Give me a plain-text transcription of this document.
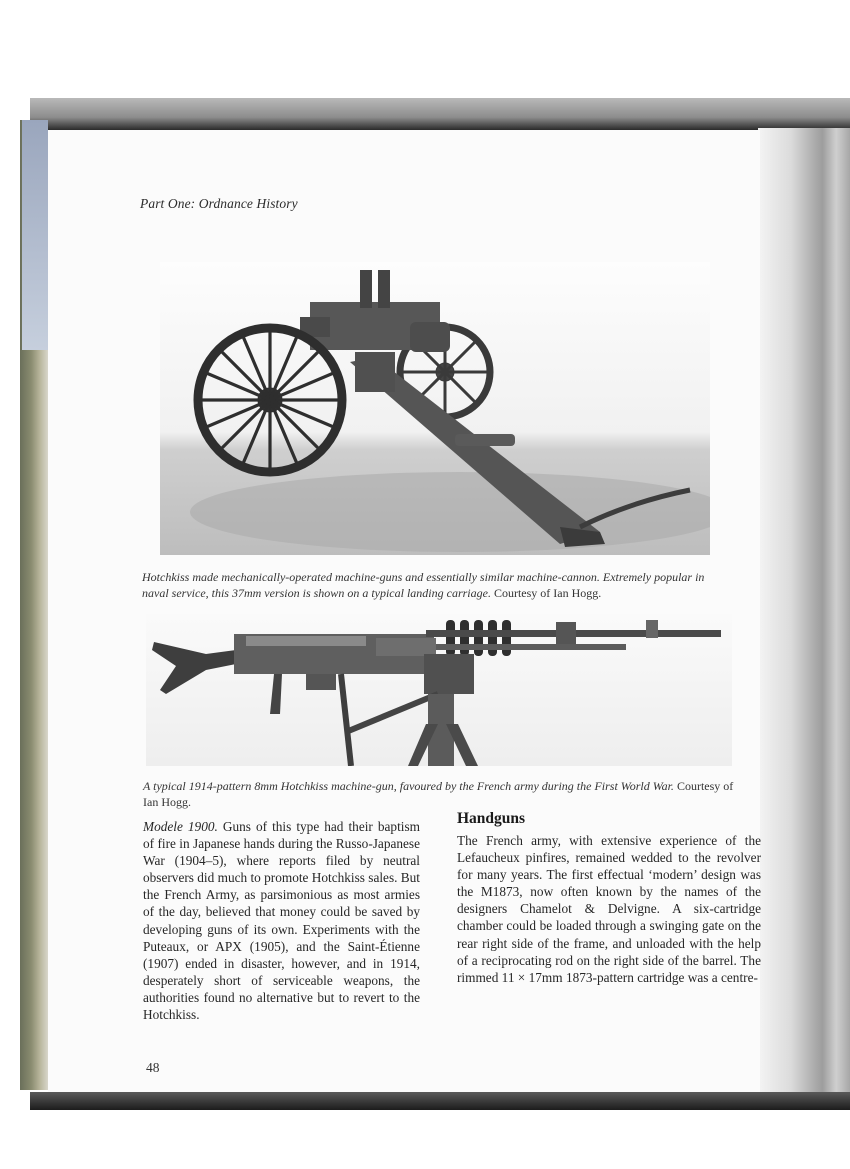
Part One: Ordnance History
Hotchkiss made mechanically-operated machine-guns and essentially similar machine-cannon. Extremely popular in naval service, this 37mm version is shown on a typical landing carriage. Courtesy of Ian Hogg.
A typical 1914-pattern 8mm Hotchkiss machine-gun, favoured by the French army during the First World War. Courtesy of Ian Hogg.
Modele 1900. Guns of this type had their baptism of fire in Japanese hands during the Russo-Japanese War (1904–5), where reports filed by neutral observers did much to promote Hotchkiss sales. But the French Army, as parsimonious as most armies of the day, believed that money could be saved by developing guns of its own. Experiments with the Puteaux, or APX (1905), and the Saint-Étienne (1907) ended in disaster, however, and in 1914, desperately short of serviceable weapons, the authorities found no alternative but to revert to the Hotchkiss.
Handguns
The French army, with extensive experience of the Lefaucheux pinfires, remained wedded to the revolver for many years. The first effectual ‘modern’ design was the M1873, now often known by the names of the designers Chamelot & Delvigne. A six-cartridge chamber could be loaded through a swinging gate on the rear right side of the frame, and unloaded with the help of a reciprocating rod on the right side of the barrel. The rimmed 11 × 17mm 1873-pattern cartridge was a centre-
48
